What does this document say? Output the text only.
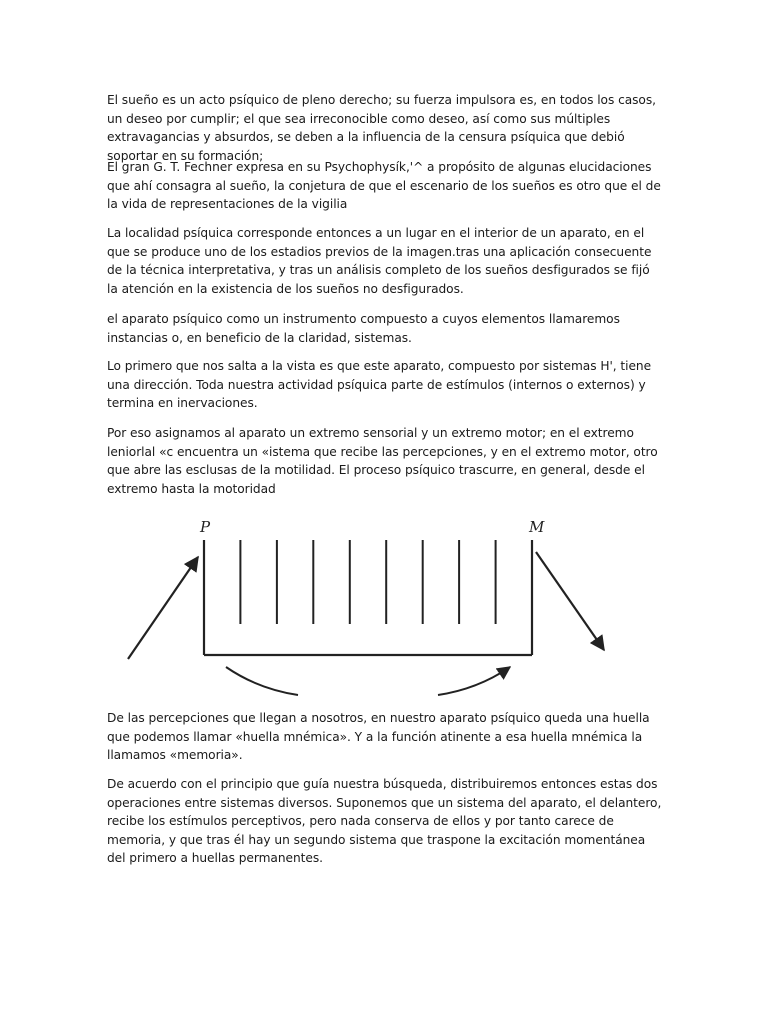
El sueño es un acto psíquico de pleno derecho; su fuerza impulsora es, en todos los casos, un deseo por cumplir; el que sea irreconocible como deseo, así como sus múltiples extravagancias y absurdos, se deben a la influencia de la censura psíquica que debió soportar en su formación;

El gran G. T. Fechner expresa en su Psychophysík,'^ a propósito de algunas elucidaciones que ahí consagra al sueño, la conjetura de que el escenario de los sueños es otro que el de la vida de representaciones de la vigilia

La localidad psíquica corresponde entonces a un lugar en el interior de un aparato, en el que se produce uno de los estadios previos de la imagen.tras una aplicación consecuente de la técnica interpretativa, y tras un análisis completo de los sueños desfigurados se fijó la atención en la existencia de los sueños no desfigurados.

el aparato psíquico como un instrumento compuesto a cuyos elementos llamaremos instancias o, en beneficio de la claridad, sistemas.

Lo primero que nos salta a la vista es que este aparato, compuesto por sistemas H', tiene una dirección. Toda nuestra actividad psíquica parte de estímulos (internos o externos) y termina en inervaciones.

Por eso asignamos al aparato un extremo sensorial y un extremo motor; en el extremo leniorlal «c encuentra un «istema que recibe las percepciones, y en el extremo motor, otro que abre las esclusas de la motilidad. El proceso psíquico trascurre, en general, desde el extremo hasta la motoridad

P	M

De las percepciones que llegan a nosotros, en nuestro aparato psíquico queda una huella que podemos llamar «huella mnémica». Y a la función atinente a esa huella mnémica la llamamos «memoria».

De acuerdo con el principio que guía nuestra búsqueda, distribuiremos entonces estas dos operaciones entre sistemas diversos. Suponemos que un sistema del aparato, el delantero, recibe los estímulos perceptivos, pero nada conserva de ellos y por tanto carece de memoria, y que tras él hay un segundo sistema que traspone la excitación momentánea del primero a huellas permanentes.
